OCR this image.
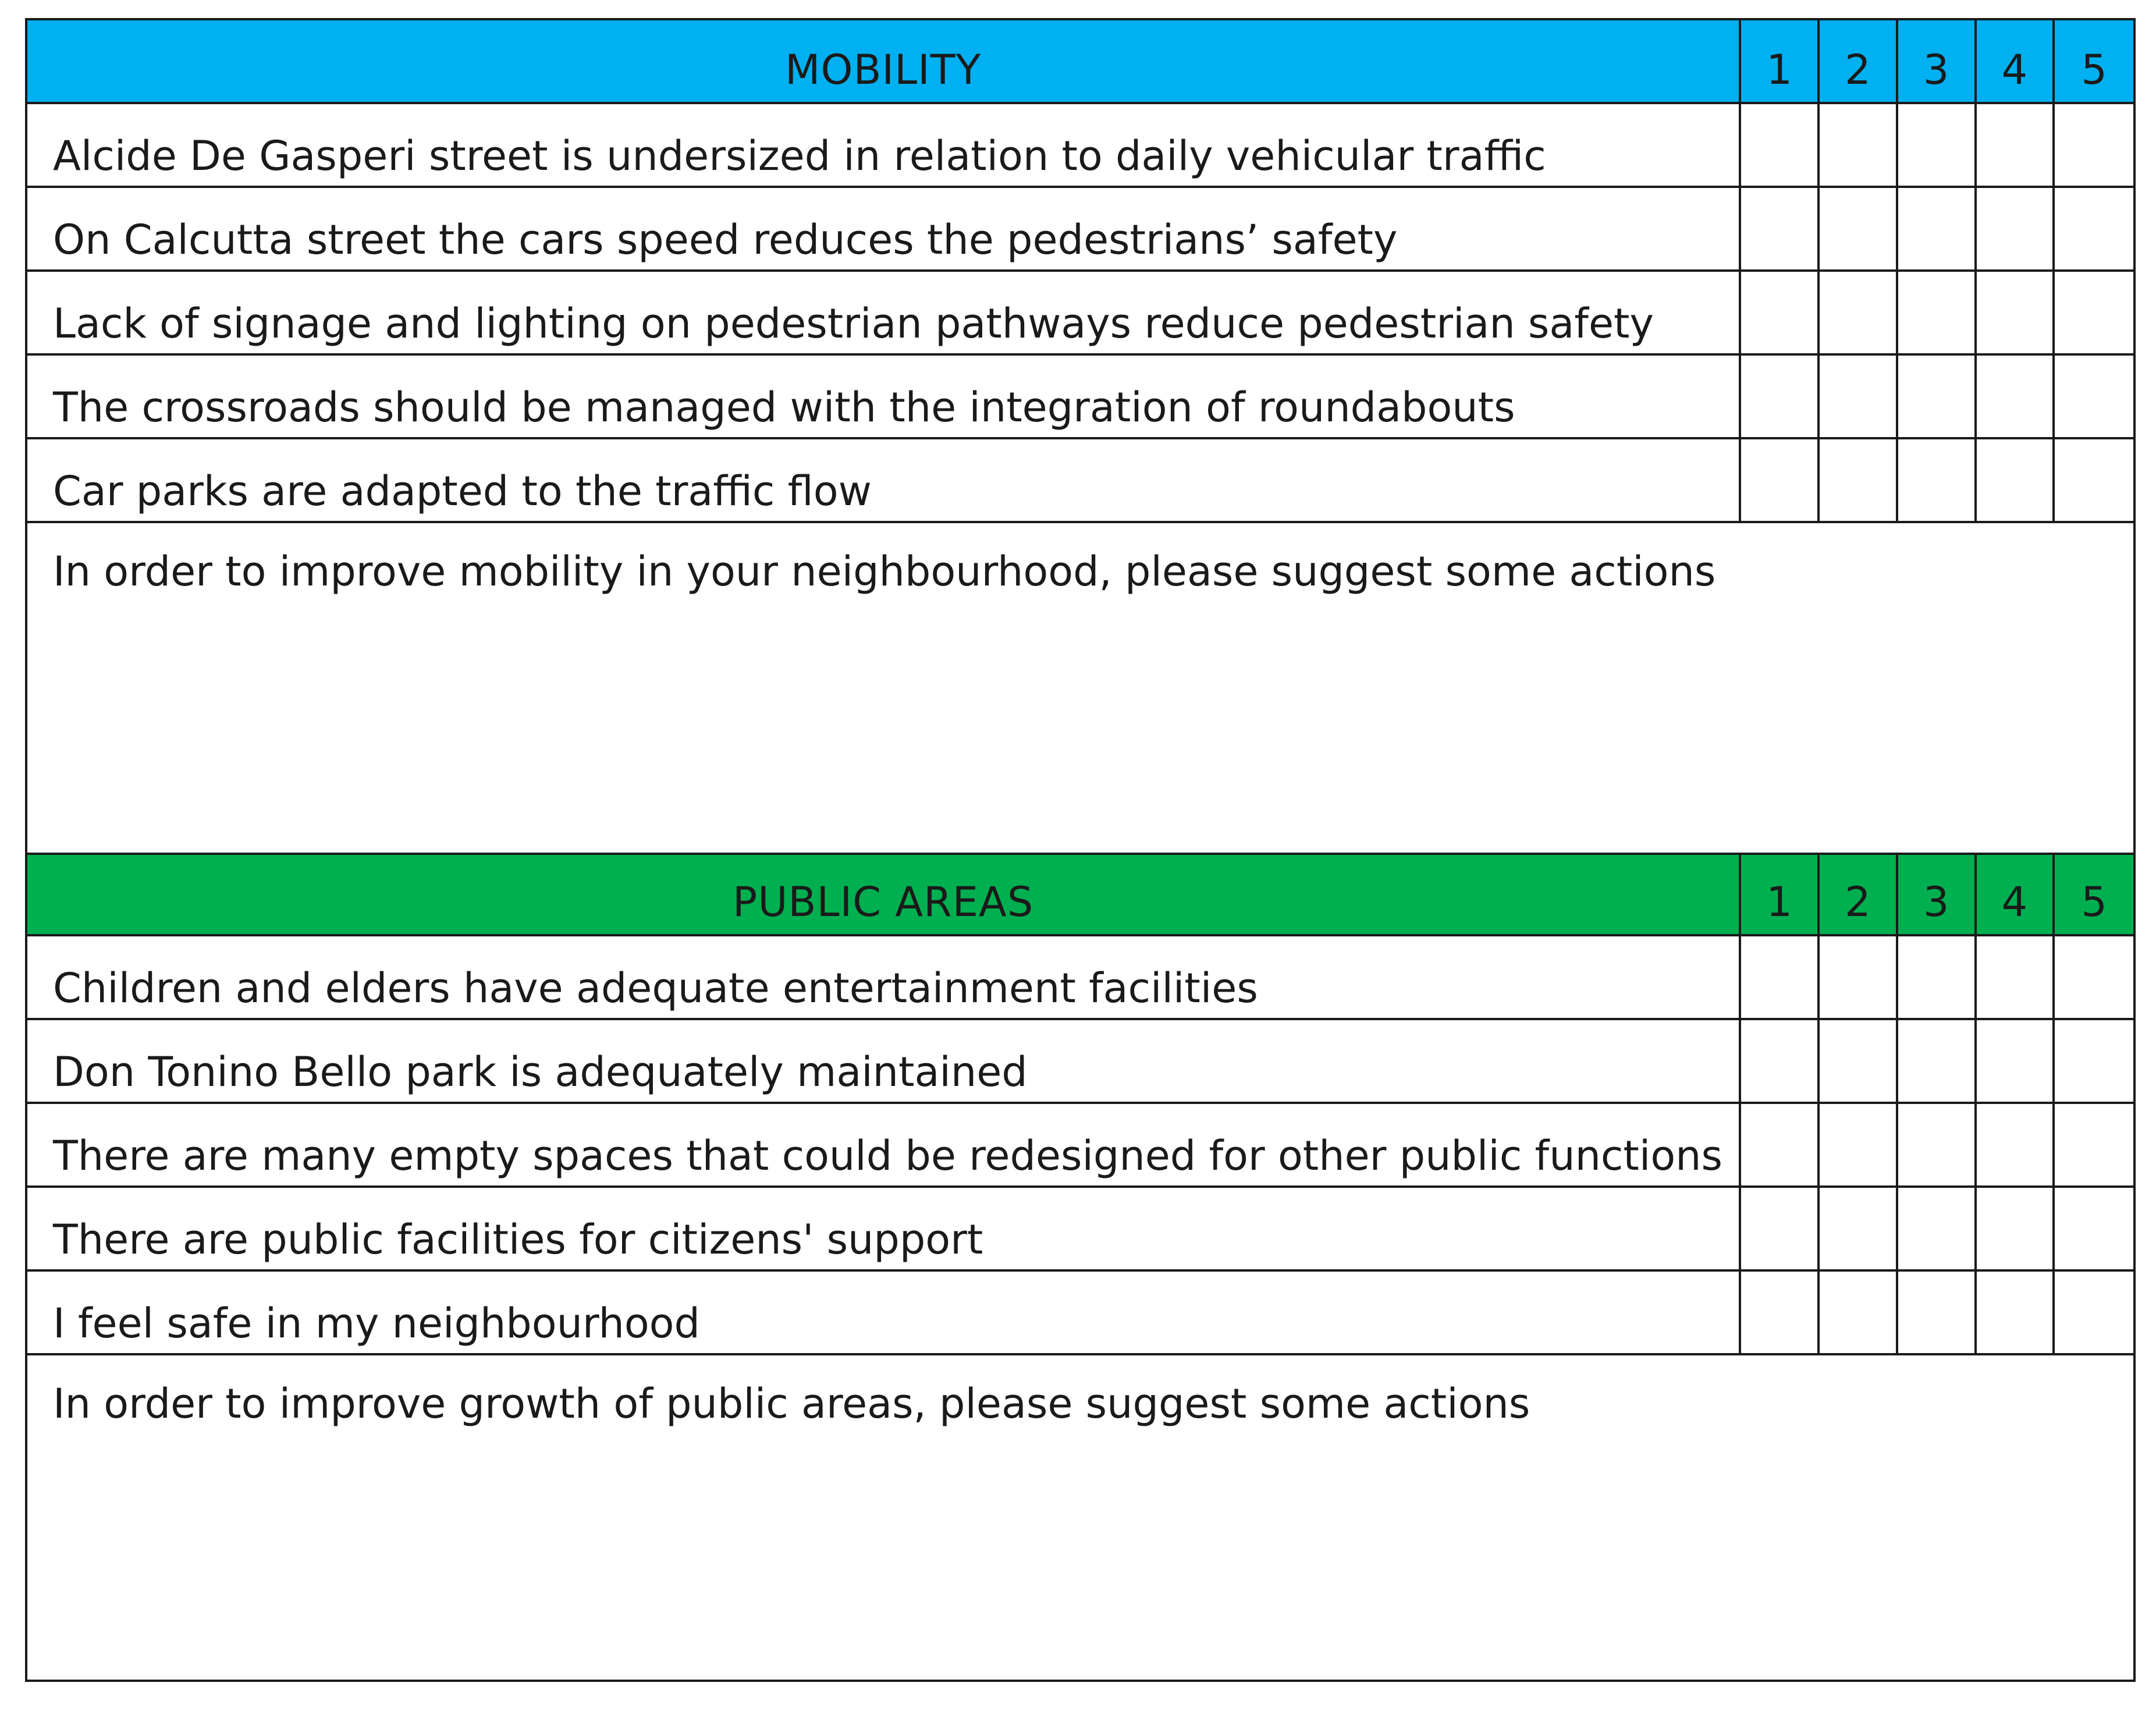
MOBILITY	1	2	3	4	5
Alcide De Gasperi street is undersized in relation to daily vehicular traffic
On Calcutta street the cars speed reduces the pedestrians’ safety
Lack of signage and lighting on pedestrian pathways reduce pedestrian safety
The crossroads should be managed with the integration of roundabouts
Car parks are adapted to the traffic flow
In order to improve mobility in your neighbourhood, please suggest some actions
PUBLIC AREAS	1	2	3	4	5
Children and elders have adequate entertainment facilities
Don Tonino Bello park is adequately maintained
There are many empty spaces that could be redesigned for other public functions
There are public facilities for citizens' support
I feel safe in my neighbourhood
In order to improve growth of public areas, please suggest some actions
